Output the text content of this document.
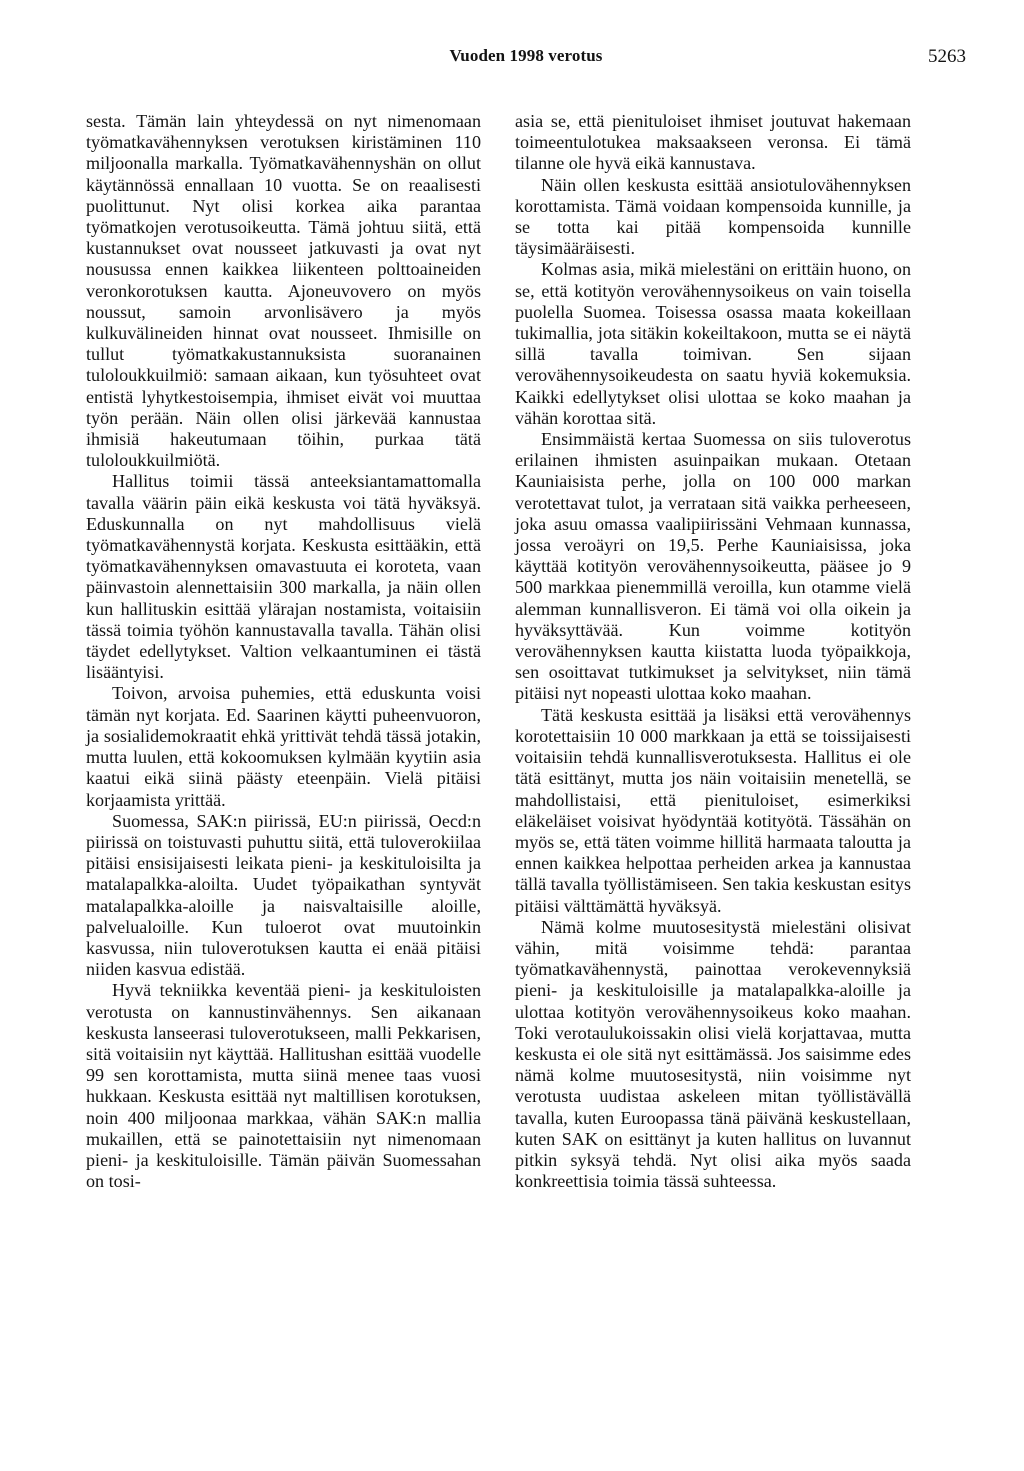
Vuoden 1998 verotus	5263

sesta. Tämän lain yhteydessä on nyt nimenomaan työmatkavähennyksen verotuksen kiristäminen 110 miljoonalla markalla. Työmatkavähennyshän on ollut käytännössä ennallaan 10 vuotta. Se on reaalisesti puolittunut. Nyt olisi korkea aika parantaa työmatkojen verotusoikeutta. Tämä johtuu siitä, että kustannukset ovat nousseet jatkuvasti ja ovat nyt nousussa ennen kaikkea liikenteen polttoaineiden veronkorotuksen kautta. Ajoneuvovero on myös noussut, samoin arvonlisävero ja myös kulkuvälineiden hinnat ovat nousseet. Ihmisille on tullut työmatkakustannuksista suoranainen tuloloukkuilmiö: samaan aikaan, kun työsuhteet ovat entistä lyhytkestoisempia, ihmiset eivät voi muuttaa työn perään. Näin ollen olisi järkevää kannustaa ihmisiä hakeutumaan töihin, purkaa tätä tuloloukkuilmiötä.

Hallitus toimii tässä anteeksiantamattomalla tavalla väärin päin eikä keskusta voi tätä hyväksyä. Eduskunnalla on nyt mahdollisuus vielä työmatkavähennystä korjata. Keskusta esittääkin, että työmatkavähennyksen omavastuuta ei koroteta, vaan päinvastoin alennettaisiin 300 markalla, ja näin ollen kun hallituskin esittää ylärajan nostamista, voitaisiin tässä toimia työhön kannustavalla tavalla. Tähän olisi täydet edellytykset. Valtion velkaantuminen ei tästä lisääntyisi.

Toivon, arvoisa puhemies, että eduskunta voisi tämän nyt korjata. Ed. Saarinen käytti puheenvuoron, ja sosialidemokraatit ehkä yrittivät tehdä tässä jotakin, mutta luulen, että kokoomuksen kylmään kyytiin asia kaatui eikä siinä päästy eteenpäin. Vielä pitäisi korjaamista yrittää.

Suomessa, SAK:n piirissä, EU:n piirissä, Oecd:n piirissä on toistuvasti puhuttu siitä, että tuloverokiilaa pitäisi ensisijaisesti leikata pieni- ja keskituloisilta ja matalapalkka-aloilta. Uudet työpaikathan syntyvät matalapalkka-aloille ja naisvaltaisille aloille, palvelualoille. Kun tuloerot ovat muutoinkin kasvussa, niin tuloverotuksen kautta ei enää pitäisi niiden kasvua edistää.

Hyvä tekniikka keventää pieni- ja keskituloisten verotusta on kannustinvähennys. Sen aikanaan keskusta lanseerasi tuloverotukseen, malli Pekkarisen, sitä voitaisiin nyt käyttää. Hallitushan esittää vuodelle 99 sen korottamista, mutta siinä menee taas vuosi hukkaan. Keskusta esittää nyt maltillisen korotuksen, noin 400 miljoonaa markkaa, vähän SAK:n mallia mukaillen, että se painotettaisiin nyt nimenomaan pieni- ja keskituloisille. Tämän päivän Suomessahan on tosi-

asia se, että pienituloiset ihmiset joutuvat hakemaan toimeentulotukea maksaakseen veronsa. Ei tämä tilanne ole hyvä eikä kannustava.

Näin ollen keskusta esittää ansiotulovähennyksen korottamista. Tämä voidaan kompensoida kunnille, ja se totta kai pitää kompensoida kunnille täysimääräisesti.

Kolmas asia, mikä mielestäni on erittäin huono, on se, että kotityön verovähennysoikeus on vain toisella puolella Suomea. Toisessa osassa maata kokeillaan tukimallia, jota sitäkin kokeiltakoon, mutta se ei näytä sillä tavalla toimivan. Sen sijaan verovähennysoikeudesta on saatu hyviä kokemuksia. Kaikki edellytykset olisi ulottaa se koko maahan ja vähän korottaa sitä.

Ensimmäistä kertaa Suomessa on siis tuloverotus erilainen ihmisten asuinpaikan mukaan. Otetaan Kauniaisista perhe, jolla on 100 000 markan verotettavat tulot, ja verrataan sitä vaikka perheeseen, joka asuu omassa vaalipiirissäni Vehmaan kunnassa, jossa veroäyri on 19,5. Perhe Kauniaisissa, joka käyttää kotityön verovähennysoikeutta, pääsee jo 9 500 markkaa pienemmillä veroilla, kun otamme vielä alemman kunnallisveron. Ei tämä voi olla oikein ja hyväksyttävää. Kun voimme kotityön verovähennyksen kautta kiistatta luoda työpaikkoja, sen osoittavat tutkimukset ja selvitykset, niin tämä pitäisi nyt nopeasti ulottaa koko maahan.

Tätä keskusta esittää ja lisäksi että verovähennys korotettaisiin 10 000 markkaan ja että se toissijaisesti voitaisiin tehdä kunnallisverotuksesta. Hallitus ei ole tätä esittänyt, mutta jos näin voitaisiin menetellä, se mahdollistaisi, että pienituloiset, esimerkiksi eläkeläiset voisivat hyödyntää kotityötä. Tässähän on myös se, että täten voimme hillitä harmaata taloutta ja ennen kaikkea helpottaa perheiden arkea ja kannustaa tällä tavalla työllistämiseen. Sen takia keskustan esitys pitäisi välttämättä hyväksyä.

Nämä kolme muutosesitystä mielestäni olisivat vähin, mitä voisimme tehdä: parantaa työmatkavähennystä, painottaa verokevennyksiä pieni- ja keskituloisille ja matalapalkka-aloille ja ulottaa kotityön verovähennysoikeus koko maahan. Toki verotaulukoissakin olisi vielä korjattavaa, mutta keskusta ei ole sitä nyt esittämässä. Jos saisimme edes nämä kolme muutosesitystä, niin voisimme nyt verotusta uudistaa askeleen mitan työllistävällä tavalla, kuten Euroopassa tänä päivänä keskustellaan, kuten SAK on esittänyt ja kuten hallitus on luvannut pitkin syksyä tehdä. Nyt olisi aika myös saada konkreettisia toimia tässä suhteessa.
